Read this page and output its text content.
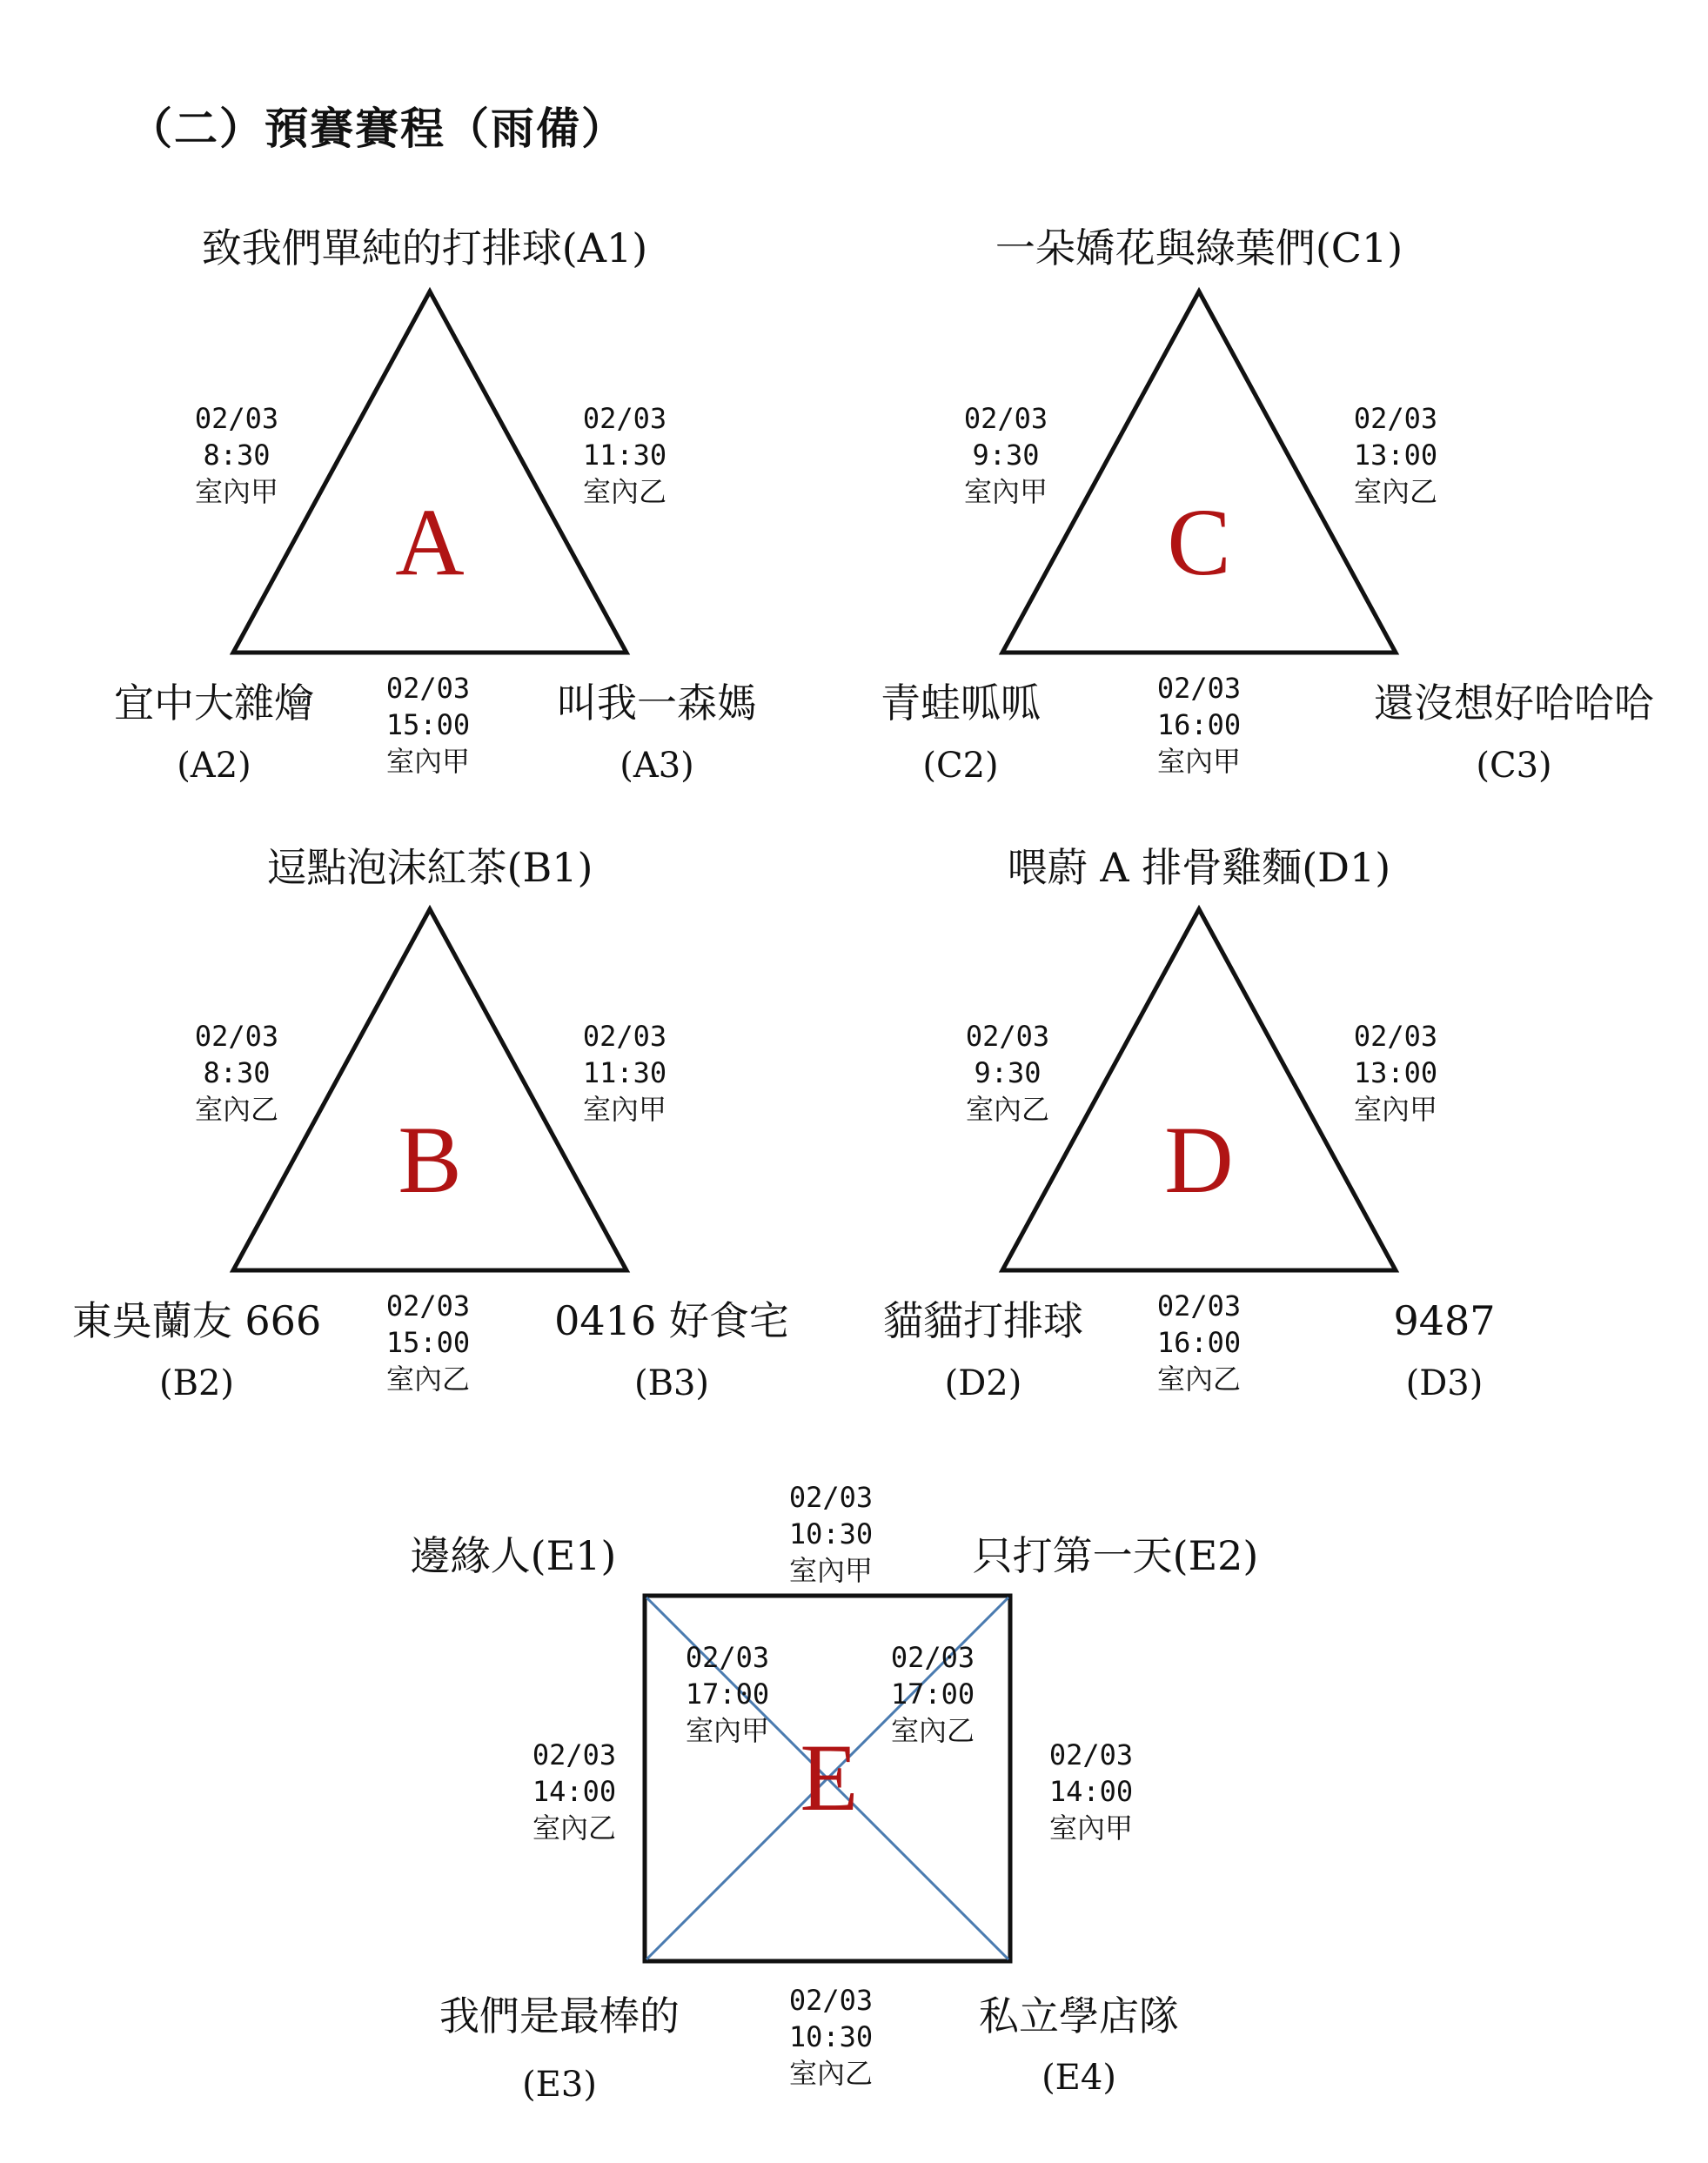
（二）預賽賽程（雨備）
致我們單純的打排球(A1)
02/03
8:30
室內甲
02/03
11:30
室內乙
A
02/03
15:00
室內甲
宜中大雜燴
(A2)
叫我一森媽
(A3)
一朵嬌花與綠葉們(C1)
02/03
9:30
室內甲
02/03
13:00
室內乙
C
02/03
16:00
室內甲
青蛙呱呱
(C2)
還沒想好哈哈哈
(C3)
逗點泡沫紅茶(B1)
02/03
8:30
室內乙
02/03
11:30
室內甲
B
02/03
15:00
室內乙
東吳蘭友 666
(B2)
0416 好食宅
(B3)
喂蔚 A 排骨雞麵(D1)
02/03
9:30
室內乙
02/03
13:00
室內甲
D
02/03
16:00
室內乙
貓貓打排球
(D2)
9487
(D3)
02/03
10:30
室內甲
邊緣人(E1)	只打第一天(E2)
02/03
17:00
室內甲
02/03
17:00
室內乙
02/03
14:00
室內乙
02/03
14:00
室內甲
E
我們是最棒的
(E3)
02/03
10:30
室內乙
私立學店隊
(E4)
